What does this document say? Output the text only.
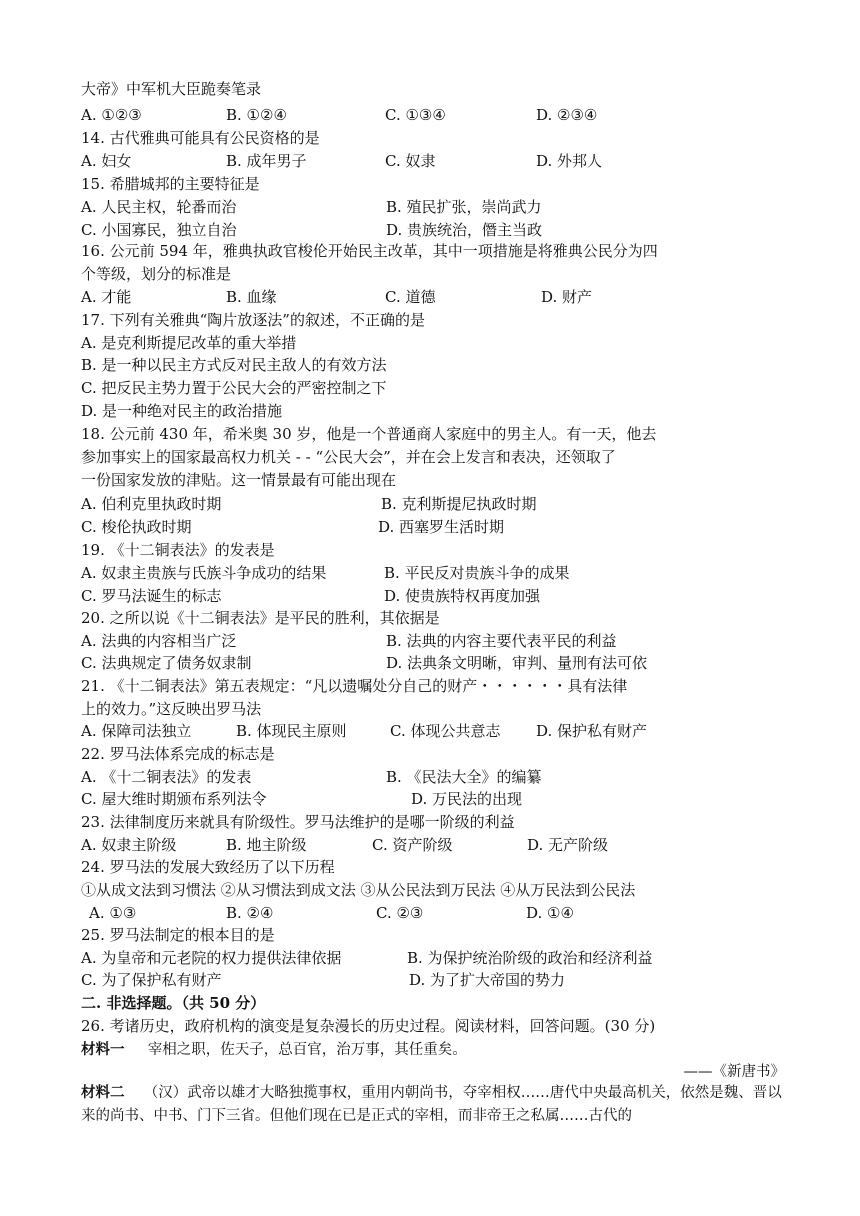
大帝》中军机大臣跪奏笔录
A. ①②③	B. ①②④	C. ①③④	D. ②③④
14. 古代雅典可能具有公民资格的是
A. 妇女	B. 成年男子	C. 奴隶	D. 外邦人
15. 希腊城邦的主要特征是
A. 人民主权，轮番而治	B. 殖民扩张，崇尚武力
C. 小国寡民，独立自治	D. 贵族统治，僭主当政
16. 公元前 594 年，雅典执政官梭伦开始民主改革，其中一项措施是将雅典公民分为四
个等级，划分的标准是
A. 才能	B. 血缘	C. 道德	D. 财产
17. 下列有关雅典“陶片放逐法”的叙述，不正确的是
A. 是克利斯提尼改革的重大举措
B. 是一种以民主方式反对民主敌人的有效方法
C. 把反民主势力置于公民大会的严密控制之下
D. 是一种绝对民主的政治措施
18. 公元前 430 年，希米奥 30 岁，他是一个普通商人家庭中的男主人。有一天，他去
参加事实上的国家最高权力机关 - - “公民大会”，并在会上发言和表决，还领取了
一份国家发放的津贴。这一情景最有可能出现在
A. 伯利克里执政时期	B. 克利斯提尼执政时期
C. 梭伦执政时期	D. 西塞罗生活时期
19. 《十二铜表法》的发表是
A. 奴隶主贵族与氏族斗争成功的结果	B. 平民反对贵族斗争的成果
C. 罗马法诞生的标志	D. 使贵族特权再度加强
20. 之所以说《十二铜表法》是平民的胜利，其依据是
A. 法典的内容相当广泛	B. 法典的内容主要代表平民的利益
C. 法典规定了债务奴隶制	D. 法典条文明晰，审判、量刑有法可依
21. 《十二铜表法》第五表规定：“凡以遗嘱处分自己的财产・・・・・・具有法律
上的效力。”这反映出罗马法
A. 保障司法独立	B. 体现民主原则	C. 体现公共意志 D. 保护私有财产
22. 罗马法体系完成的标志是
A. 《十二铜表法》的发表	B. 《民法大全》的编纂
C. 屋大维时期颁布系列法令	D. 万民法的出现
23. 法律制度历来就具有阶级性。罗马法维护的是哪一阶级的利益
A. 奴隶主阶级	B. 地主阶级	C. 资产阶级	D. 无产阶级
24. 罗马法的发展大致经历了以下历程
①从成文法到习惯法 ②从习惯法到成文法 ③从公民法到万民法 ④从万民法到公民法
A. ①③	B. ②④	C. ②③	D. ①④
25. 罗马法制定的根本目的是
A. 为皇帝和元老院的权力提供法律依据	B. 为保护统治阶级的政治和经济利益
C. 为了保护私有财产	D. 为了扩大帝国的势力
二. 非选择题。（共 50 分）
26. 考诸历史，政府机构的演变是复杂漫长的历史过程。阅读材料，回答问题。(30 分)
材料一 宰相之职，佐天子，总百官，治万事，其任重矣。
——《新唐书》
材料二 （汉）武帝以雄才大略独揽事权，重用内朝尚书，夺宰相权……唐代中央最高机关，依然是魏、晋以来的尚书、中书、门下三省。但他们现在已是正式的宰相，而非帝王之私属……古代的
